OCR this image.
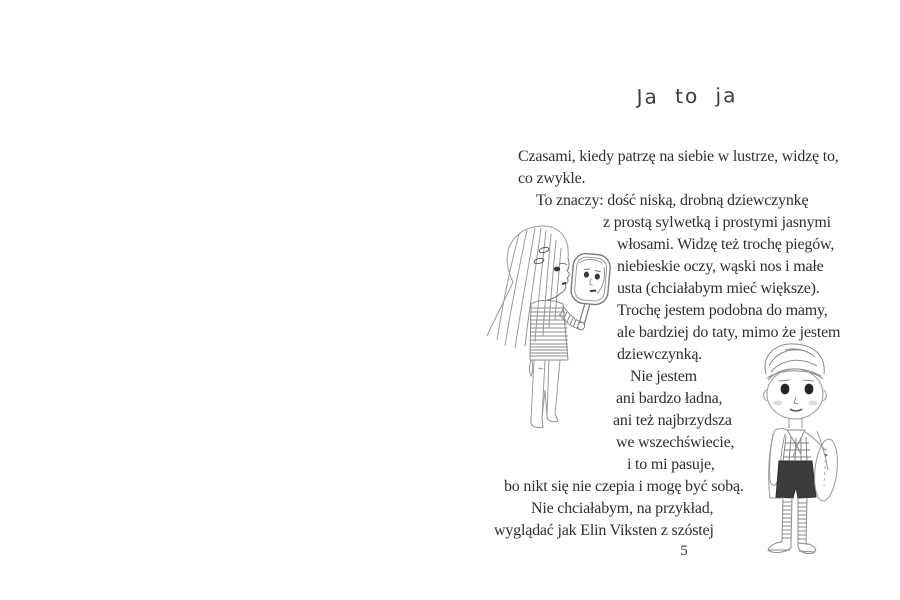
Ja to ja
Czasami, kiedy patrzę na siebie w lustrze, widzę to,
co zwykle.
To znaczy: dość niską, drobną dziewczynkę
z prostą sylwetką i prostymi jasnymi
włosami. Widzę też trochę piegów,
niebieskie oczy, wąski nos i małe
usta (chciałabym mieć większe).
Trochę jestem podobna do mamy,
ale bardziej do taty, mimo że jestem
dziewczynką.
Nie jestem
ani bardzo ładna,
ani też najbrzydsza
we wszechświecie,
i to mi pasuje,
bo nikt się nie czepia i mogę być sobą.
Nie chciałabym, na przykład,
wyglądać jak Elin Viksten z szóstej
5
